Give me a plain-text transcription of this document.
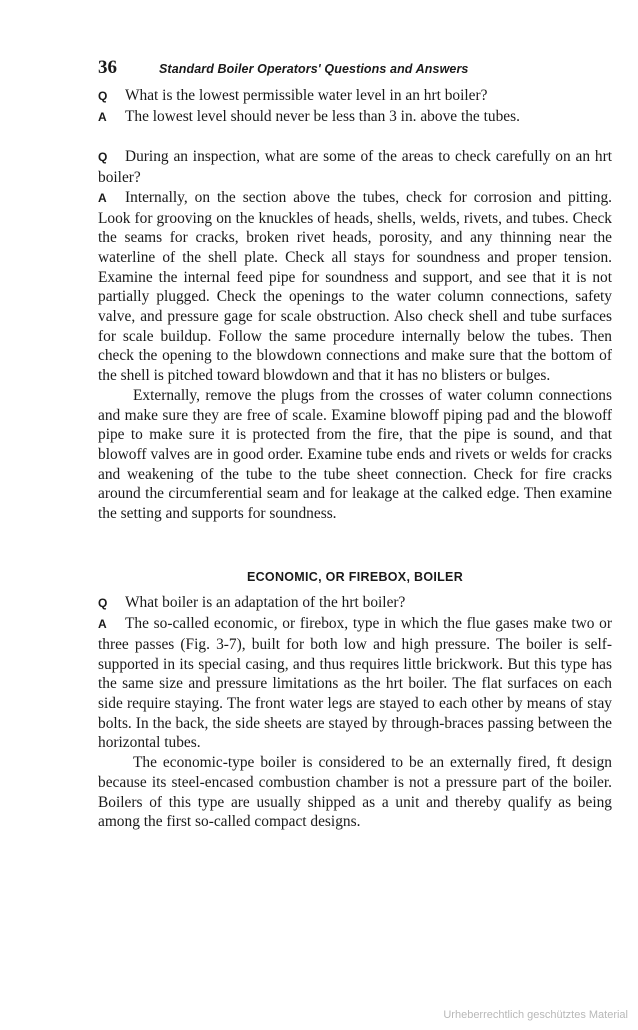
36	Standard Boiler Operators' Questions and Answers

Q What is the lowest permissible water level in an hrt boiler?

A The lowest level should never be less than 3 in. above the tubes.

Q During an inspection, what are some of the areas to check carefully on an hrt boiler?

A Internally, on the section above the tubes, check for corrosion and pitting. Look for grooving on the knuckles of heads, shells, welds, rivets, and tubes. Check the seams for cracks, broken rivet heads, porosity, and any thinning near the waterline of the shell plate. Check all stays for soundness and proper tension. Examine the internal feed pipe for soundness and support, and see that it is not partially plugged. Check the openings to the water column connections, safety valve, and pressure gage for scale obstruction. Also check shell and tube surfaces for scale buildup. Follow the same procedure internally below the tubes. Then check the opening to the blowdown connections and make sure that the bottom of the shell is pitched toward blowdown and that it has no blisters or bulges.

Externally, remove the plugs from the crosses of water column connections and make sure they are free of scale. Examine blowoff piping pad and the blowoff pipe to make sure it is protected from the fire, that the pipe is sound, and that blowoff valves are in good order. Examine tube ends and rivets or welds for cracks and weakening of the tube to the tube sheet connection. Check for fire cracks around the circumferential seam and for leakage at the calked edge. Then examine the setting and supports for soundness.

ECONOMIC, OR FIREBOX, BOILER

Q What boiler is an adaptation of the hrt boiler?

A The so-called economic, or firebox, type in which the flue gases make two or three passes (Fig. 3-7), built for both low and high pressure. The boiler is self-supported in its special casing, and thus requires little brickwork. But this type has the same size and pressure limitations as the hrt boiler. The flat surfaces on each side require staying. The front water legs are stayed to each other by means of stay bolts. In the back, the side sheets are stayed by through-braces passing between the horizontal tubes.

The economic-type boiler is considered to be an externally fired, ft design because its steel-encased combustion chamber is not a pressure part of the boiler. Boilers of this type are usually shipped as a unit and thereby qualify as being among the first so-called compact designs.

Urheberrechtlich geschütztes Material
